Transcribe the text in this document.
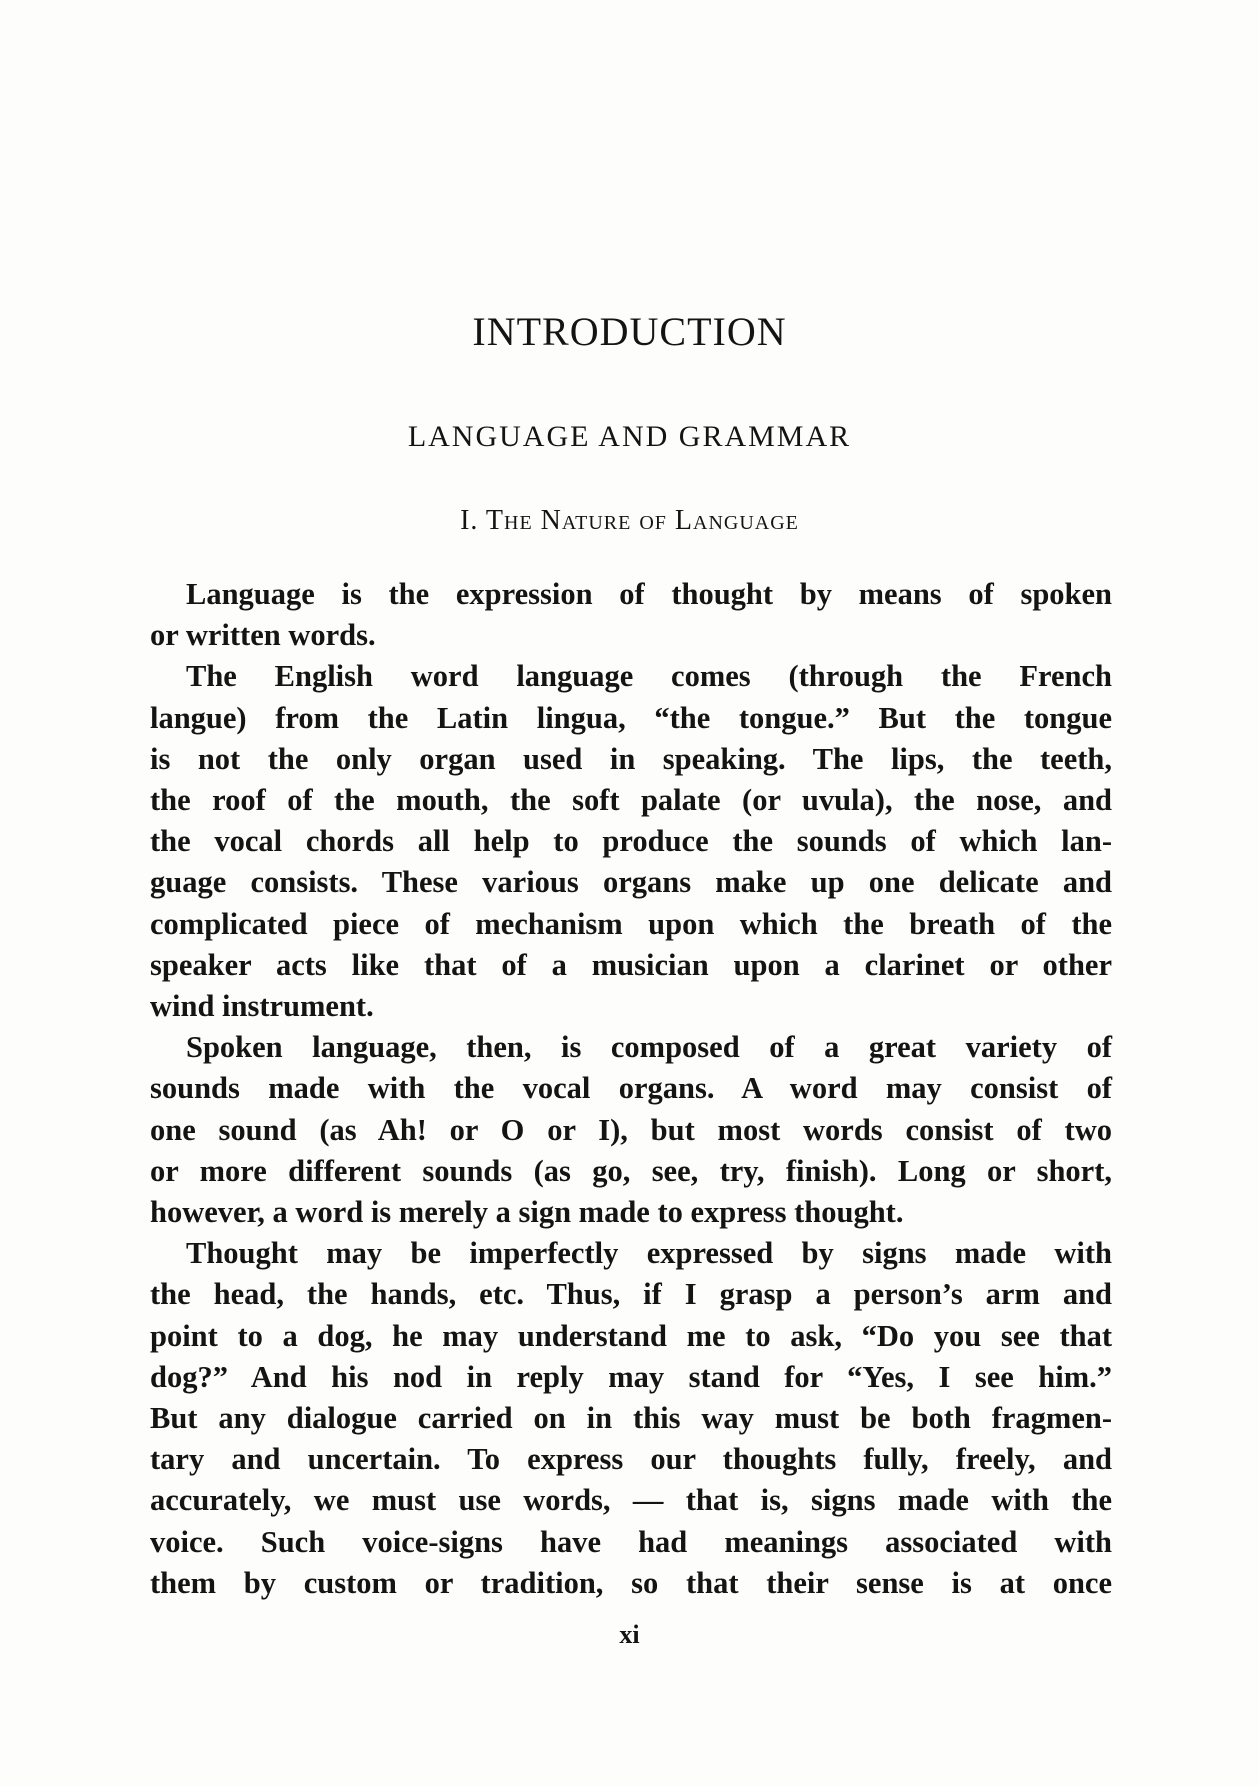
INTRODUCTION
LANGUAGE AND GRAMMAR
I. The Nature of Language
Language is the expression of thought by means of spoken
or written words.
The English word language comes (through the French
langue) from the Latin lingua, “the tongue.” But the tongue
is not the only organ used in speaking. The lips, the teeth,
the roof of the mouth, the soft palate (or uvula), the nose, and
the vocal chords all help to produce the sounds of which lan-
guage consists. These various organs make up one delicate and
complicated piece of mechanism upon which the breath of the
speaker acts like that of a musician upon a clarinet or other
wind instrument.
Spoken language, then, is composed of a great variety of
sounds made with the vocal organs. A word may consist of
one sound (as Ah! or O or I), but most words consist of two
or more different sounds (as go, see, try, finish). Long or short,
however, a word is merely a sign made to express thought.
Thought may be imperfectly expressed by signs made with
the head, the hands, etc. Thus, if I grasp a person’s arm and
point to a dog, he may understand me to ask, “Do you see that
dog?” And his nod in reply may stand for “Yes, I see him.”
But any dialogue carried on in this way must be both fragmen-
tary and uncertain. To express our thoughts fully, freely, and
accurately, we must use words, — that is, signs made with the
voice. Such voice-signs have had meanings associated with
them by custom or tradition, so that their sense is at once
xi
